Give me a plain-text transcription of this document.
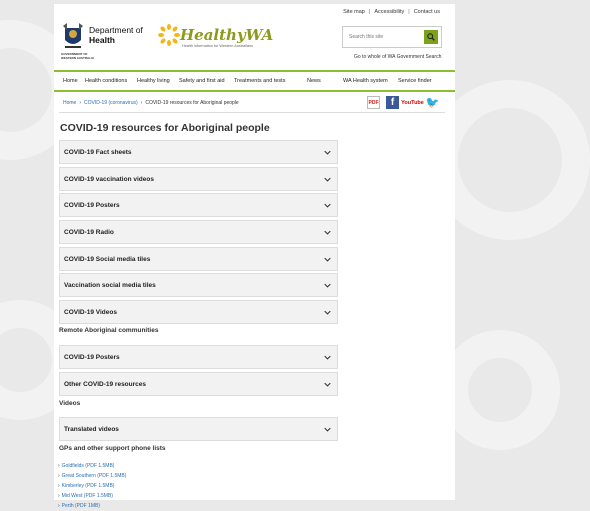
Site map | Accessibility | Contact us
Department of
Health
GOVERNMENT OF
WESTERN AUSTRALIA
HealthyWA
Health information for Western Australians
Search this site
Go to whole of WA Government Search
Home	Health conditions	Healthy living	Safety and first aid	Treatments and tests	News	WA Health system	Service finder
Home › COVID-19 (coronavirus) › COVID-19 resources for Aboriginal people	PDF	f	YouTube 🐦
COVID-19 resources for Aboriginal people
COVID-19 Fact sheets
COVID-19 vaccination videos
COVID-19 Posters
COVID-19 Radio
COVID-19 Social media tiles
Vaccination social media tiles
COVID-19 Videos
Remote Aboriginal communities
COVID-19 Posters
Other COVID-19 resources
Videos
Translated videos
GPs and other support phone lists
› Goldfields (PDF 1.5MB)
› Great Southern (PDF 1.5MB)
› Kimberley (PDF 1.5MB)
› Mid West (PDF 1.5MB)
› Perth (PDF 1MB)
